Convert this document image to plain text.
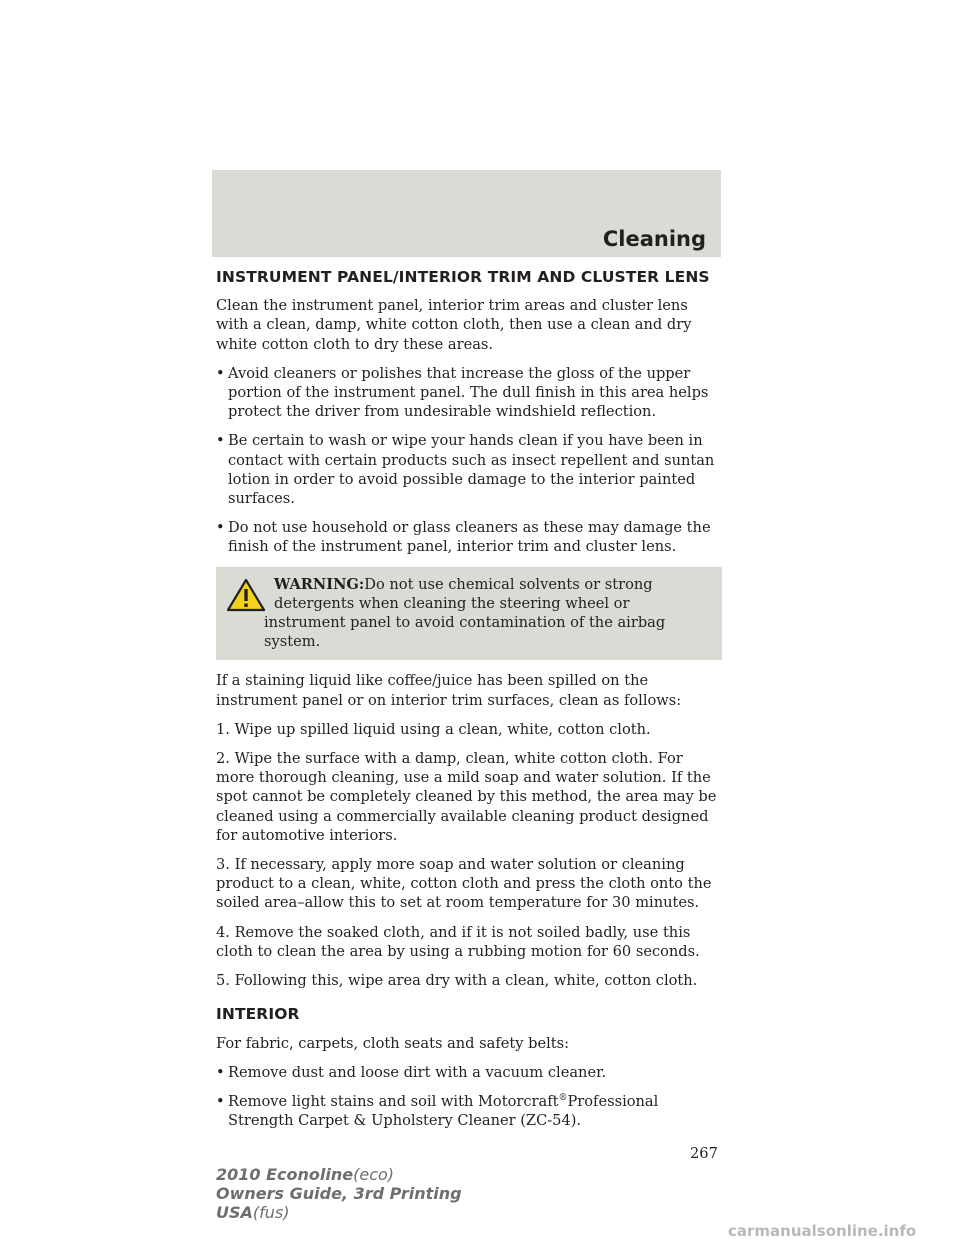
Cleaning
INSTRUMENT PANEL/INTERIOR TRIM AND CLUSTER LENS

Clean the instrument panel, interior trim areas and cluster lens with a clean, damp, white cotton cloth, then use a clean and dry white cotton cloth to dry these areas.

• Avoid cleaners or polishes that increase the gloss of the upper portion of the instrument panel. The dull finish in this area helps protect the driver from undesirable windshield reflection.
• Be certain to wash or wipe your hands clean if you have been in contact with certain products such as insect repellent and suntan lotion in order to avoid possible damage to the interior painted surfaces.
• Do not use household or glass cleaners as these may damage the finish of the instrument panel, interior trim and cluster lens.
WARNING:Do not use chemical solvents or strong detergents when cleaning the steering wheel or instrument panel to avoid contamination of the airbag system.

If a staining liquid like coffee/juice has been spilled on the instrument panel or on interior trim surfaces, clean as follows:

1. Wipe up spilled liquid using a clean, white, cotton cloth.

2. Wipe the surface with a damp, clean, white cotton cloth. For more thorough cleaning, use a mild soap and water solution. If the spot cannot be completely cleaned by this method, the area may be cleaned using a commercially available cleaning product designed for automotive interiors.

3. If necessary, apply more soap and water solution or cleaning product to a clean, white, cotton cloth and press the cloth onto the soiled area–allow this to set at room temperature for 30 minutes.

4. Remove the soaked cloth, and if it is not soiled badly, use this cloth to clean the area by using a rubbing motion for 60 seconds.

5. Following this, wipe area dry with a clean, white, cotton cloth.

INTERIOR

For fabric, carpets, cloth seats and safety belts:

• Remove dust and loose dirt with a vacuum cleaner.
• Remove light stains and soil with Motorcraft®Professional Strength Carpet & Upholstery Cleaner (ZC-54).
267
2010 Econoline(eco)
Owners Guide, 3rd Printing
USA(fus)
carmanualsonline.info
